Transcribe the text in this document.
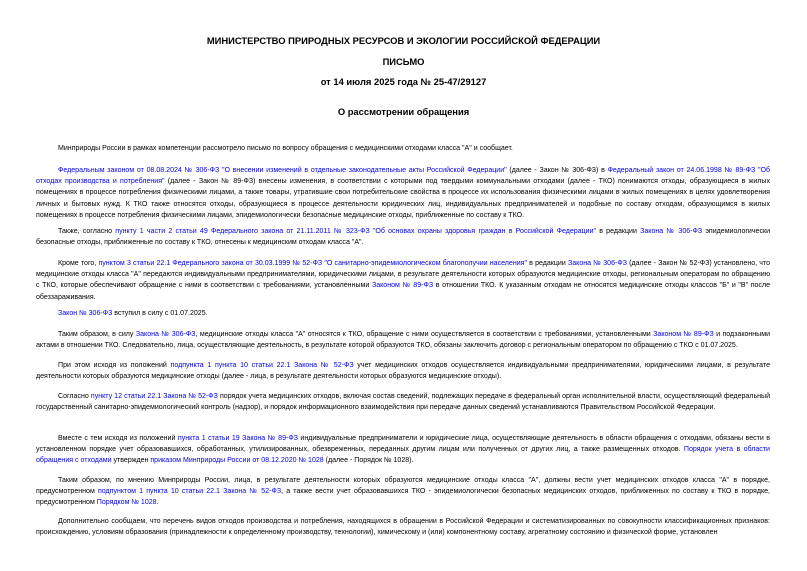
МИНИСТЕРСТВО ПРИРОДНЫХ РЕСУРСОВ И ЭКОЛОГИИ РОССИЙСКОЙ ФЕДЕРАЦИИ
ПИСЬМО
от 14 июля 2025 года № 25-47/29127
О рассмотрении обращения

Минприроды России в рамках компетенции рассмотрело письмо по вопросу обращения с медицинскими отходами класса "А" и сообщает.

Федеральным законом от 08.08.2024 № 306-ФЗ "О внесении изменений в отдельные законодательные акты Российской Федерации" (далее - Закон № 306-ФЗ) в Федеральный закон от 24.06.1998 № 89-ФЗ "Об отходах производства и потребления" (далее - Закон № 89-ФЗ) внесены изменения, в соответствии с которыми под твердыми коммунальными отходами (далее - ТКО) понимаются отходы, образующиеся в жилых помещениях в процессе потребления физическими лицами, а также товары, утратившие свои потребительские свойства в процессе их использования физическими лицами в жилых помещениях в целях удовлетворения личных и бытовых нужд. К ТКО также относятся отходы, образующиеся в процессе деятельности юридических лиц, индивидуальных предпринимателей и подобные по составу отходам, образующимся в жилых помещениях в процессе потребления физическими лицами, эпидемиологически безопасные медицинские отходы, приближенные по составу к ТКО.

Также, согласно пункту 1 части 2 статьи 49 Федерального закона от 21.11.2011 № 323-ФЗ "Об основах охраны здоровья граждан в Российской Федерации" в редакции Закона № 306-ФЗ эпидемиологически безопасные отходы, приближенные по составу к ТКО, отнесены к медицинским отходам класса "А".

Кроме того, пунктом 3 статьи 22.1 Федерального закона от 30.03.1999 № 52-ФЗ "О санитарно-эпидемиологическом благополучии населения" в редакции Закона № 306-ФЗ (далее - Закон № 52-ФЗ) установлено, что медицинские отходы класса "А" передаются индивидуальными предпринимателями, юридическими лицами, в результате деятельности которых образуются медицинские отходы, региональным операторам по обращению с ТКО, которые обеспечивают обращение с ними в соответствии с требованиями, установленными Законом № 89-ФЗ в отношении ТКО. К указанным отходам не относятся медицинские отходы классов "Б" и "В" после обеззараживания.

Закон № 306-ФЗ вступил в силу с 01.07.2025.

Таким образом, в силу Закона № 306-ФЗ, медицинские отходы класса "А" относятся к ТКО, обращение с ними осуществляется в соответствии с требованиями, установленными Законом № 89-ФЗ и подзаконными актами в отношении ТКО. Следовательно, лица, осуществляющие деятельность, в результате которой образуются ТКО, обязаны заключить договор с региональным оператором по обращению с ТКО с 01.07.2025.

При этом исходя из положений подпункта 1 пункта 10 статьи 22.1 Закона № 52-ФЗ учет медицинских отходов осуществляется индивидуальными предпринимателями, юридическими лицами, в результате деятельности которых образуются медицинские отходы (далее - лица, в результате деятельности которых образуются медицинские отходы).

Согласно пункту 12 статьи 22.1 Закона № 52-ФЗ порядок учета медицинских отходов, включая состав сведений, подлежащих передаче в федеральный орган исполнительной власти, осуществляющий федеральный государственный санитарно-эпидемиологический контроль (надзор), и порядок информационного взаимодействия при передаче данных сведений устанавливаются Правительством Российской Федерации.

Вместе с тем исходя из положений пункта 1 статьи 19 Закона № 89-ФЗ индивидуальные предприниматели и юридические лица, осуществляющие деятельность в области обращения с отходами, обязаны вести в установленном порядке учет образовавшихся, обработанных, утилизированных, обезвреженных, переданных другим лицам или полученных от других лиц, а также размещенных отходов. Порядок учета в области обращения с отходами утвержден приказом Минприроды России от 08.12.2020 № 1028 (далее - Порядок № 1028).

Таким образом, по мнению Минприроды России, лица, в результате деятельности которых образуются медицинские отходы класса "А", должны вести учет медицинских отходов класса "А" в порядке, предусмотренном подпунктом 1 пункта 10 статьи 22.1 Закона № 52-ФЗ, а также вести учет образовавшихся ТКО - эпидемиологически безопасных медицинских отходов, приближенных по составу к ТКО в порядке, предусмотренном Порядком № 1028.

Дополнительно сообщаем, что перечень видов отходов производства и потребления, находящихся в обращении в Российской Федерации и систематизированных по совокупности классификационных признаков: происхождению, условиям образования (принадлежности к определенному производству, технологии), химическому и (или) компонентному составу, агрегатному состоянию и физической форме, установлен
